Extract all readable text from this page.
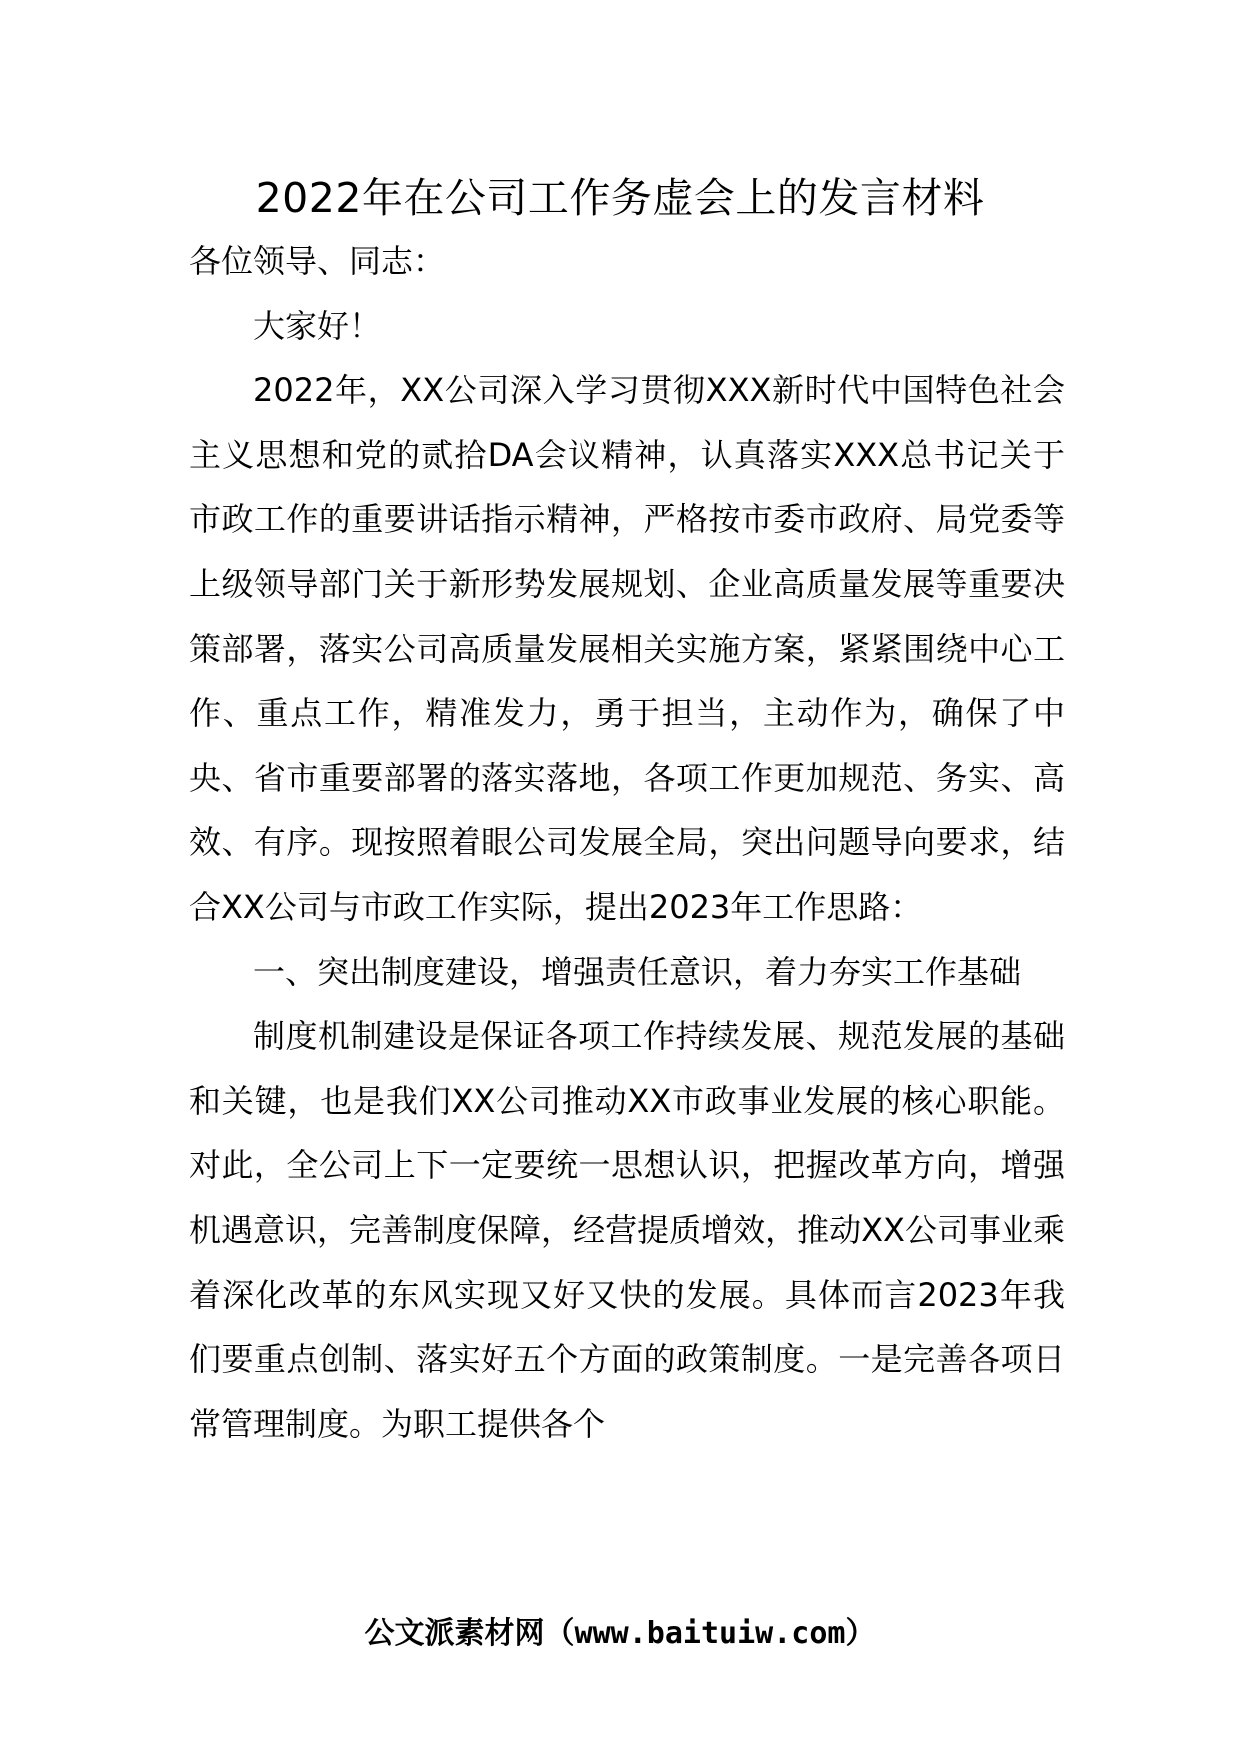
2022年在公司工作务虚会上的发言材料

各位领导、同志：

大家好！

2022年，XX公司深入学习贯彻XXX新时代中国特色社会主义思想和党的贰拾DA会议精神，认真落实XXX总书记关于市政工作的重要讲话指示精神，严格按市委市政府、局党委等上级领导部门关于新形势发展规划、企业高质量发展等重要决策部署，落实公司高质量发展相关实施方案，紧紧围绕中心工作、重点工作，精准发力，勇于担当，主动作为，确保了中央、省市重要部署的落实落地，各项工作更加规范、务实、高效、有序。现按照着眼公司发展全局，突出问题导向要求，结合XX公司与市政工作实际，提出2023年工作思路：

一、突出制度建设，增强责任意识，着力夯实工作基础

制度机制建设是保证各项工作持续发展、规范发展的基础和关键，也是我们XX公司推动XX市政事业发展的核心职能。对此，全公司上下一定要统一思想认识，把握改革方向，增强机遇意识，完善制度保障，经营提质增效，推动XX公司事业乘着深化改革的东风实现又好又快的发展。具体而言2023年我们要重点创制、落实好五个方面的政策制度。一是完善各项日常管理制度。为职工提供各个

公文派素材网（www.baituiw.com）
